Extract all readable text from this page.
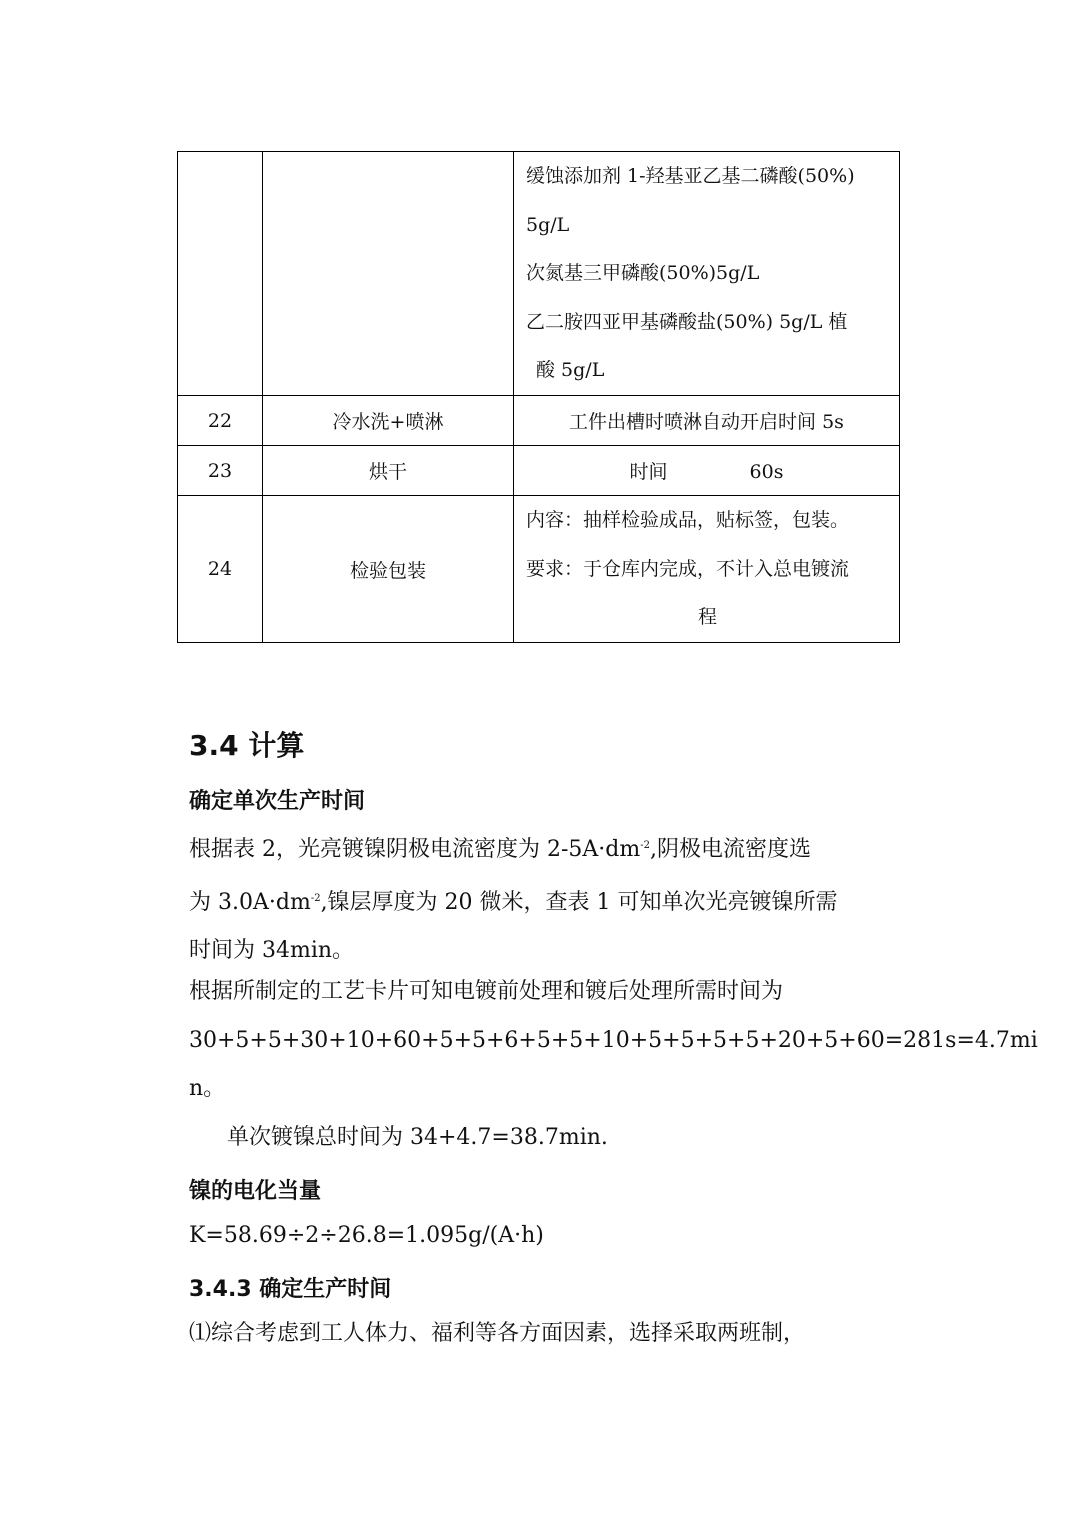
		缓蚀添加剂 1-羟基亚乙基二磷酸(50%)
5g/L
次氮基三甲磷酸(50%)5g/L
乙二胺四亚甲基磷酸盐(50%) 5g/L 植
酸 5g/L

22	冷水洗+喷淋	工件出槽时喷淋自动开启时间 5s
23	烘干	时间 60s
24	检验包装	内容：抽样检验成品，贴标签，包装。
要求：于仓库内完成，不计入总电镀流
程
3.4 计算
确定单次生产时间
根据表 2，光亮镀镍阴极电流密度为 $2-5A\cdot dm^{-2}$,阴极电流密度选
为 $3.0A\cdot dm^{-2}$,镍层厚度为 20 微米，查表 1 可知单次光亮镀镍所需
时间为 34min。
根据所制定的工艺卡片可知电镀前处理和镀后处理所需时间为
30+5+5+30+10+60+5+5+6+5+5+10+5+5+5+5+20+5+60=281s=4.7mi
n。
单次镀镍总时间为 34+4.7=38.7min.
镍的电化当量
K=58.69÷2÷26.8=1.095g/(A·h)
3.4.3 确定生产时间
⑴综合考虑到工人体力、福利等各方面因素，选择采取两班制，
